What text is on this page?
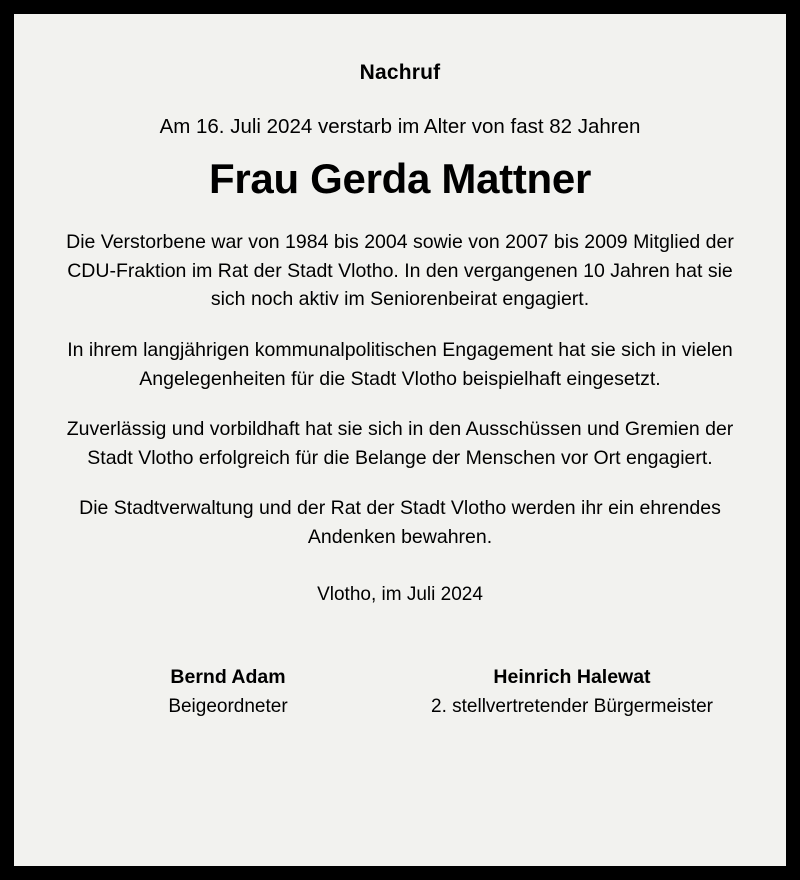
Nachruf
Am 16. Juli 2024 verstarb im Alter von fast 82 Jahren
Frau Gerda Mattner
Die Verstorbene war von 1984 bis 2004 sowie von 2007 bis 2009 Mitglied der CDU-Fraktion im Rat der Stadt Vlotho. In den vergangenen 10 Jahren hat sie sich noch aktiv im Seniorenbeirat engagiert.
In ihrem langjährigen kommunalpolitischen Engagement hat sie sich in vielen Angelegenheiten für die Stadt Vlotho beispielhaft eingesetzt.
Zuverlässig und vorbildhaft hat sie sich in den Ausschüssen und Gremien der Stadt Vlotho erfolgreich für die Belange der Menschen vor Ort engagiert.
Die Stadtverwaltung und der Rat der Stadt Vlotho werden ihr ein ehrendes Andenken bewahren.
Vlotho, im Juli 2024
Bernd Adam
Beigeordneter
Heinrich Halewat
2. stellvertretender Bürgermeister
